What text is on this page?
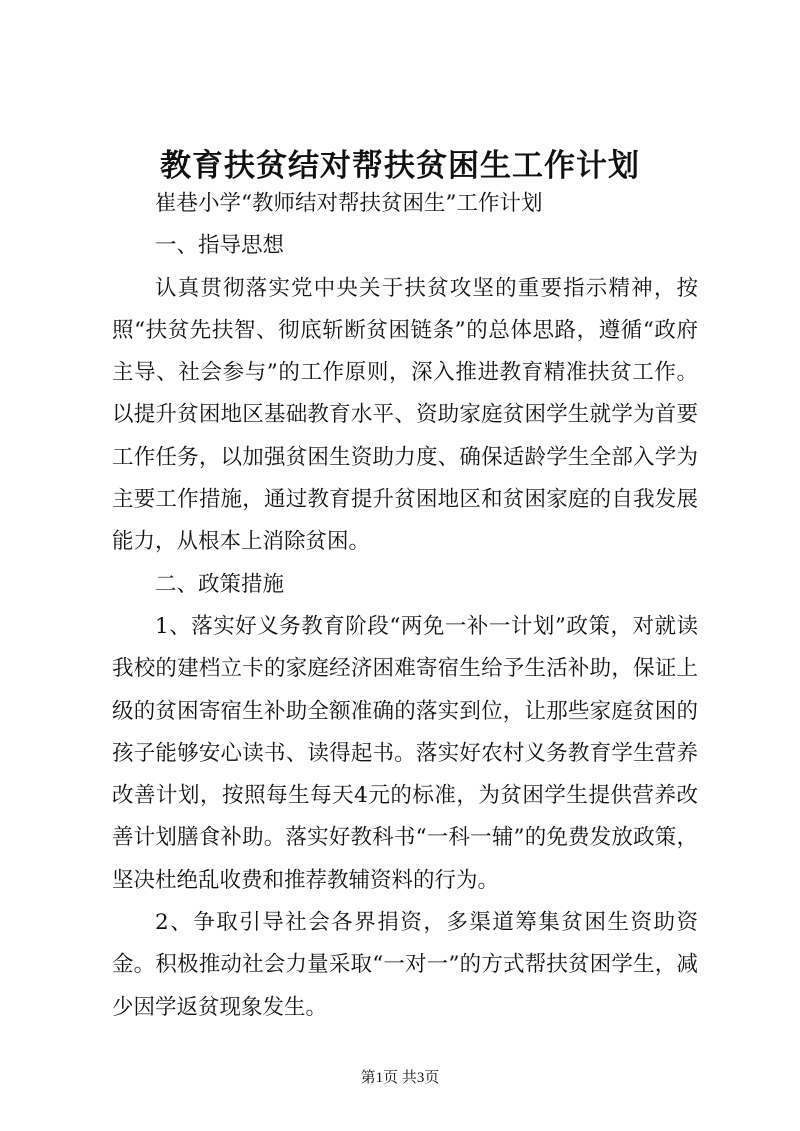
教育扶贫结对帮扶贫困生工作计划

崔巷小学“教师结对帮扶贫困生”工作计划

一、指导思想

认真贯彻落实党中央关于扶贫攻坚的重要指示精神，按照“扶贫先扶智、彻底斩断贫困链条”的总体思路，遵循“政府主导、社会参与”的工作原则，深入推进教育精准扶贫工作。以提升贫困地区基础教育水平、资助家庭贫困学生就学为首要工作任务，以加强贫困生资助力度、确保适龄学生全部入学为主要工作措施，通过教育提升贫困地区和贫困家庭的自我发展能力，从根本上消除贫困。

二、政策措施

1、落实好义务教育阶段“两免一补一计划”政策，对就读我校的建档立卡的家庭经济困难寄宿生给予生活补助，保证上级的贫困寄宿生补助全额准确的落实到位，让那些家庭贫困的孩子能够安心读书、读得起书。落实好农村义务教育学生营养改善计划，按照每生每天4元的标准，为贫困学生提供营养改善计划膳食补助。落实好教科书“一科一辅”的免费发放政策，坚决杜绝乱收费和推荐教辅资料的行为。

2、争取引导社会各界捐资，多渠道筹集贫困生资助资金。积极推动社会力量采取“一对一”的方式帮扶贫困学生，减少因学返贫现象发生。

第1页 共3页
